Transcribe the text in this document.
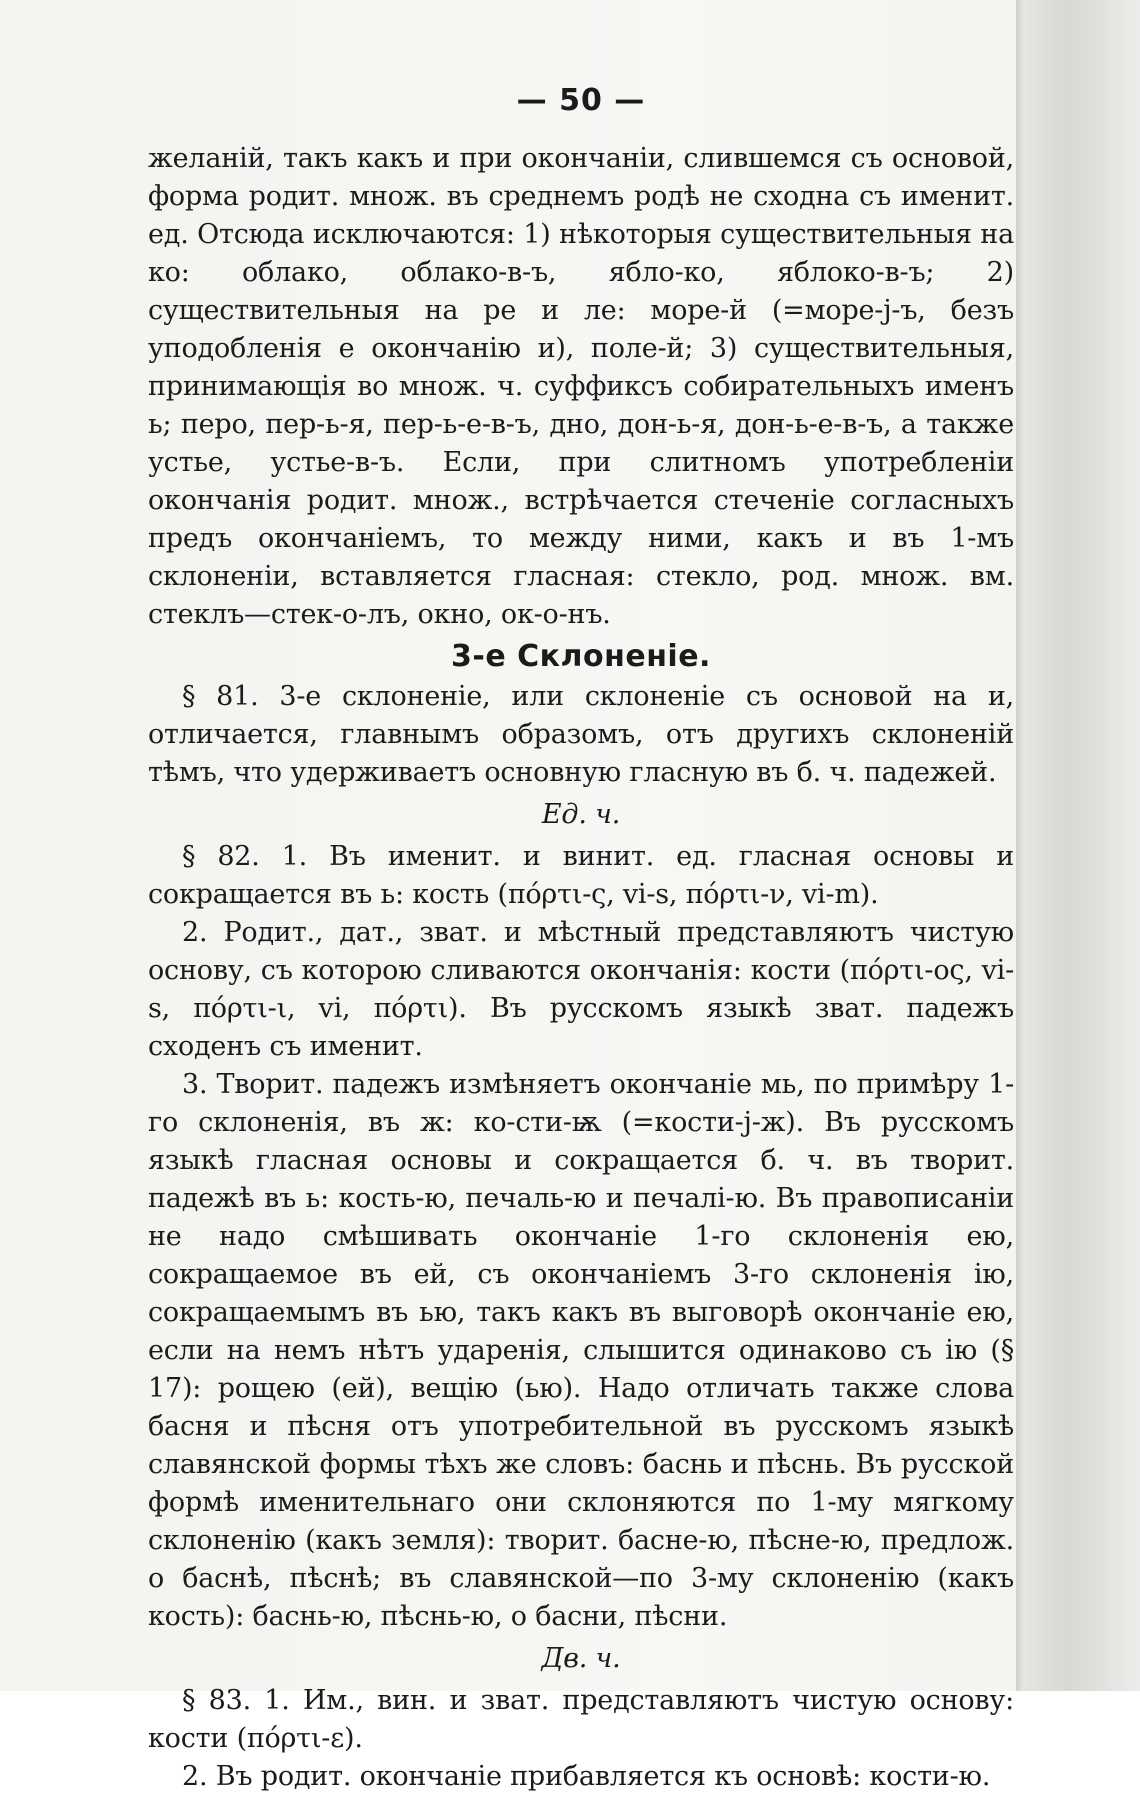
— 50 —

желаній, такъ какъ и при окончаніи, слившемся съ основой, форма родит. множ. въ среднемъ родѣ не сходна съ именит. ед. Отсюда исключаются: 1) нѣкоторыя существительныя на ко: облако, облако-в-ъ, ябло-ко, яблоко-в-ъ; 2) существительныя на ре и ле: море-й (=море-j-ъ, безъ уподобленія е окончанію и), поле-й; 3) существительныя, принимающія во множ. ч. суффиксъ собирательныхъ именъ ь; перо, пер-ь-я, пер-ь-е-в-ъ, дно, дон-ь-я, дон-ь-е-в-ъ, а также устье, устье-в-ъ. Если, при слитномъ употребленіи окончанія родит. множ., встрѣчается стеченіе согласныхъ предъ окончаніемъ, то между ними, какъ и въ 1-мъ склоненіи, вставляется гласная: стекло, род. множ. вм. стеклъ—стек-о-лъ, окно, ок-о-нъ.

3-е Склоненіе.

§ 81. 3-е склоненіе, или склоненіе съ основой на и, отличается, главнымъ образомъ, отъ другихъ склоненій тѣмъ, что удерживаетъ основную гласную въ б. ч. падежей.

Ед. ч.

§ 82. 1. Въ именит. и винит. ед. гласная основы и сокращается въ ь: кость (πόρτι-ς, vi-s, πόρτι-ν, vi-m).

2. Родит., дат., зват. и мѣстный представляютъ чистую основу, съ которою сливаются окончанія: кости (πόρτι-ος, vi-s, πόρτι-ι, vi, πόρτι). Въ русскомъ языкѣ зват. падежъ сходенъ съ именит.

3. Творит. падежъ измѣняетъ окончаніе мь, по примѣру 1-го склоненія, въ ж: ко-сти-ѭ (=кости-j-ж). Въ русскомъ языкѣ гласная основы и сокращается б. ч. въ творит. падежѣ въ ь: кость-ю, печаль-ю и печалі-ю. Въ правописаніи не надо смѣшивать окончаніе 1-го склоненія ею, сокращаемое въ ей, съ окончаніемъ 3-го склоненія ію, сокращаемымъ въ ью, такъ какъ въ выговорѣ окончаніе ею, если на немъ нѣтъ ударенія, слышится одинаково съ ію (§ 17): рощею (ей), вещію (ью). Надо отличать также слова басня и пѣсня отъ употребительной въ русскомъ языкѣ славянской формы тѣхъ же словъ: баснь и пѣснь. Въ русской формѣ именительнаго они склоняются по 1-му мягкому склоненію (какъ земля): творит. басне-ю, пѣсне-ю, предлож. о баснѣ, пѣснѣ; въ славянской—по 3-му склоненію (какъ кость): баснь-ю, пѣснь-ю, о басни, пѣсни.

Дв. ч.

§ 83. 1. Им., вин. и зват. представляютъ чистую основу: кости (πόρτι-ε).

2. Въ родит. окончаніе прибавляется къ основѣ: кости-ю.
